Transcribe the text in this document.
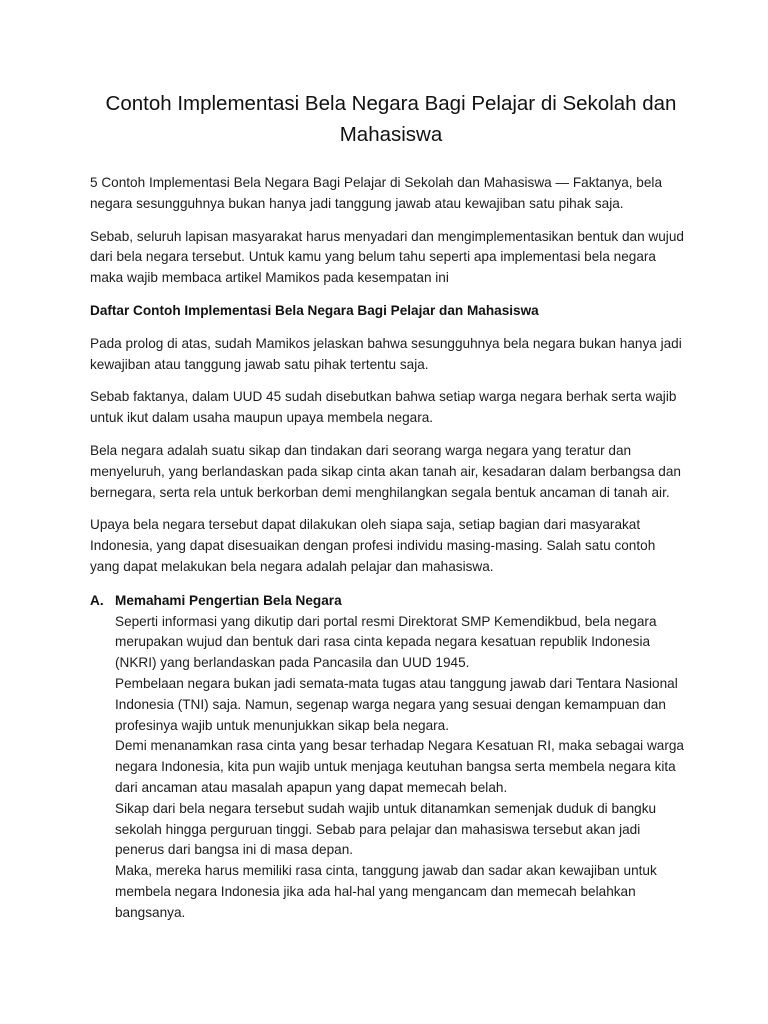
Contoh Implementasi Bela Negara Bagi Pelajar di Sekolah dan Mahasiswa

5 Contoh Implementasi Bela Negara Bagi Pelajar di Sekolah dan Mahasiswa — Faktanya, bela negara sesungguhnya bukan hanya jadi tanggung jawab atau kewajiban satu pihak saja.

Sebab, seluruh lapisan masyarakat harus menyadari dan mengimplementasikan bentuk dan wujud dari bela negara tersebut. Untuk kamu yang belum tahu seperti apa implementasi bela negara maka wajib membaca artikel Mamikos pada kesempatan ini

Daftar Contoh Implementasi Bela Negara Bagi Pelajar dan Mahasiswa

Pada prolog di atas, sudah Mamikos jelaskan bahwa sesungguhnya bela negara bukan hanya jadi kewajiban atau tanggung jawab satu pihak tertentu saja.

Sebab faktanya, dalam UUD 45 sudah disebutkan bahwa setiap warga negara berhak serta wajib untuk ikut dalam usaha maupun upaya membela negara.

Bela negara adalah suatu sikap dan tindakan dari seorang warga negara yang teratur dan menyeluruh, yang berlandaskan pada sikap cinta akan tanah air, kesadaran dalam berbangsa dan bernegara, serta rela untuk berkorban demi menghilangkan segala bentuk ancaman di tanah air.

Upaya bela negara tersebut dapat dilakukan oleh siapa saja, setiap bagian dari masyarakat Indonesia, yang dapat disesuaikan dengan profesi individu masing-masing. Salah satu contoh yang dapat melakukan bela negara adalah pelajar dan mahasiswa.

A. Memahami Pengertian Bela Negara

Seperti informasi yang dikutip dari portal resmi Direktorat SMP Kemendikbud, bela negara merupakan wujud dan bentuk dari rasa cinta kepada negara kesatuan republik Indonesia (NKRI) yang berlandaskan pada Pancasila dan UUD 1945.

Pembelaan negara bukan jadi semata-mata tugas atau tanggung jawab dari Tentara Nasional Indonesia (TNI) saja. Namun, segenap warga negara yang sesuai dengan kemampuan dan profesinya wajib untuk menunjukkan sikap bela negara.

Demi menanamkan rasa cinta yang besar terhadap Negara Kesatuan RI, maka sebagai warga negara Indonesia, kita pun wajib untuk menjaga keutuhan bangsa serta membela negara kita dari ancaman atau masalah apapun yang dapat memecah belah.

Sikap dari bela negara tersebut sudah wajib untuk ditanamkan semenjak duduk di bangku sekolah hingga perguruan tinggi. Sebab para pelajar dan mahasiswa tersebut akan jadi penerus dari bangsa ini di masa depan.

Maka, mereka harus memiliki rasa cinta, tanggung jawab dan sadar akan kewajiban untuk membela negara Indonesia jika ada hal-hal yang mengancam dan memecah belahkan bangsanya.
